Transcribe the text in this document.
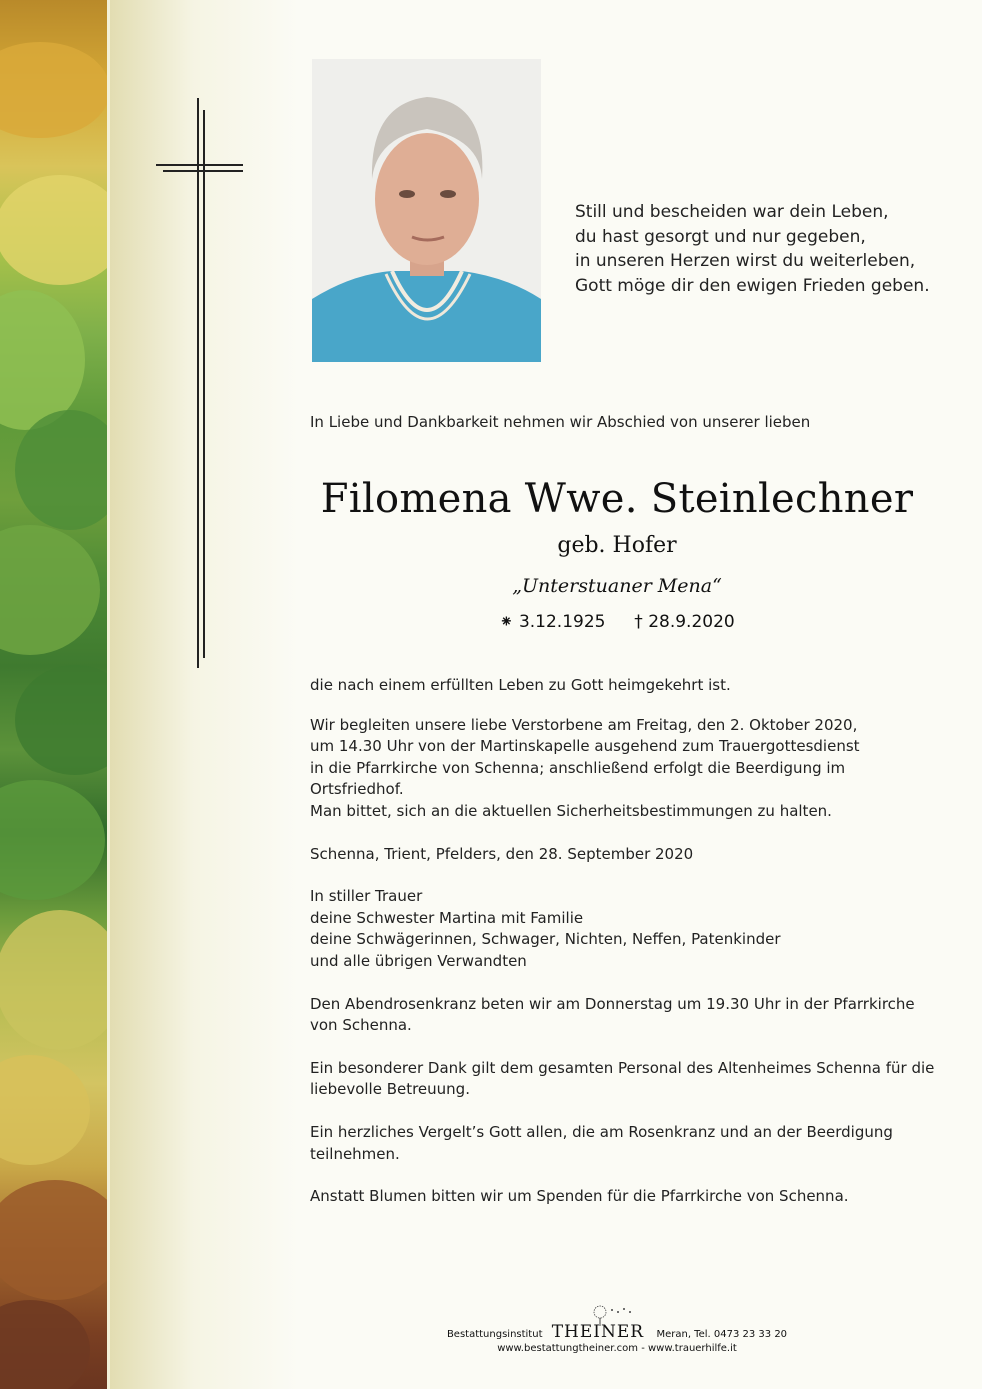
Still und bescheiden war dein Leben,
du hast gesorgt und nur gegeben,
in unseren Herzen wirst du weiterleben,
Gott möge dir den ewigen Frieden geben.
In Liebe und Dankbarkeit nehmen wir Abschied von unserer lieben
Filomena Wwe. Steinlechner
geb. Hofer
„Unterstuaner Mena“
⁕ 3.12.1925 † 28.9.2020

die nach einem erfüllten Leben zu Gott heimgekehrt ist.

Wir begleiten unsere liebe Verstorbene am Freitag, den 2. Oktober 2020,
um 14.30 Uhr von der Martinskapelle ausgehend zum Trauergottesdienst
in die Pfarrkirche von Schenna; anschließend erfolgt die Beerdigung im
Ortsfriedhof.
Man bittet, sich an die aktuellen Sicherheitsbestimmungen zu halten.

Schenna, Trient, Pfelders, den 28. September 2020

In stiller Trauer
deine Schwester Martina mit Familie
deine Schwägerinnen, Schwager, Nichten, Neffen, Patenkinder
und alle übrigen Verwandten

Den Abendrosenkranz beten wir am Donnerstag um 19.30 Uhr in der Pfarrkirche
von Schenna.

Ein besonderer Dank gilt dem gesamten Personal des Altenheimes Schenna für die
liebevolle Betreuung.

Ein herzliches Vergelt’s Gott allen, die am Rosenkranz und an der Beerdigung
teilnehmen.

Anstatt Blumen bitten wir um Spenden für die Pfarrkirche von Schenna.

Bestattungsinstitut THEINER Meran, Tel. 0473 23 33 20
www.bestattungtheiner.com - www.trauerhilfe.it
